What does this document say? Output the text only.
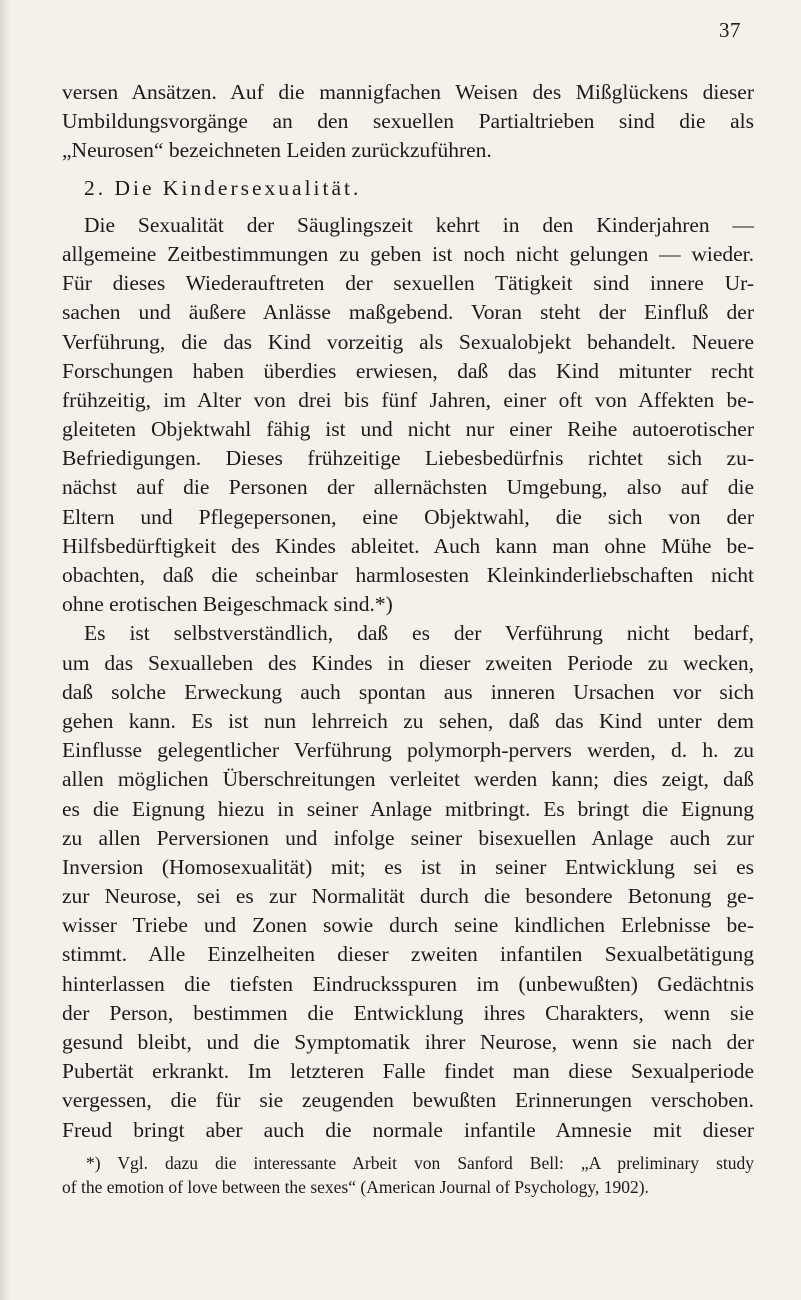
37
versen Ansätzen. Auf die mannigfachen Weisen des Mißglückens dieser
Umbildungsvorgänge an den sexuellen Partialtrieben sind die als
„Neurosen“ bezeichneten Leiden zurückzuführen.
2. Die Kindersexualität.
Die Sexualität der Säuglingszeit kehrt in den Kinderjahren —
allgemeine Zeitbestimmungen zu geben ist noch nicht gelungen — wieder.
Für dieses Wiederauftreten der sexuellen Tätigkeit sind innere Ur-
sachen und äußere Anlässe maßgebend. Voran steht der Einfluß der
Verführung, die das Kind vorzeitig als Sexualobjekt behandelt. Neuere
Forschungen haben überdies erwiesen, daß das Kind mitunter recht
frühzeitig, im Alter von drei bis fünf Jahren, einer oft von Affekten be-
gleiteten Objektwahl fähig ist und nicht nur einer Reihe autoerotischer
Befriedigungen. Dieses frühzeitige Liebesbedürfnis richtet sich zu-
nächst auf die Personen der allernächsten Umgebung, also auf die
Eltern und Pflegepersonen, eine Objektwahl, die sich von der
Hilfsbedürftigkeit des Kindes ableitet. Auch kann man ohne Mühe be-
obachten, daß die scheinbar harmlosesten Kleinkinderliebschaften nicht
ohne erotischen Beigeschmack sind.*)
Es ist selbstverständlich, daß es der Verführung nicht bedarf,
um das Sexualleben des Kindes in dieser zweiten Periode zu wecken,
daß solche Erweckung auch spontan aus inneren Ursachen vor sich
gehen kann. Es ist nun lehrreich zu sehen, daß das Kind unter dem
Einflusse gelegentlicher Verführung polymorph-pervers werden, d. h. zu
allen möglichen Überschreitungen verleitet werden kann; dies zeigt, daß
es die Eignung hiezu in seiner Anlage mitbringt. Es bringt die Eignung
zu allen Perversionen und infolge seiner bisexuellen Anlage auch zur
Inversion (Homosexualität) mit; es ist in seiner Entwicklung sei es
zur Neurose, sei es zur Normalität durch die besondere Betonung ge-
wisser Triebe und Zonen sowie durch seine kindlichen Erlebnisse be-
stimmt. Alle Einzelheiten dieser zweiten infantilen Sexualbetätigung
hinterlassen die tiefsten Eindrucksspuren im (unbewußten) Gedächtnis
der Person, bestimmen die Entwicklung ihres Charakters, wenn sie
gesund bleibt, und die Symptomatik ihrer Neurose, wenn sie nach der
Pubertät erkrankt. Im letzteren Falle findet man diese Sexualperiode
vergessen, die für sie zeugenden bewußten Erinnerungen verschoben.
Freud bringt aber auch die normale infantile Amnesie mit dieser
*) Vgl. dazu die interessante Arbeit von Sanford Bell: „A preliminary study
of the emotion of love between the sexes“ (American Journal of Psychology, 1902).
